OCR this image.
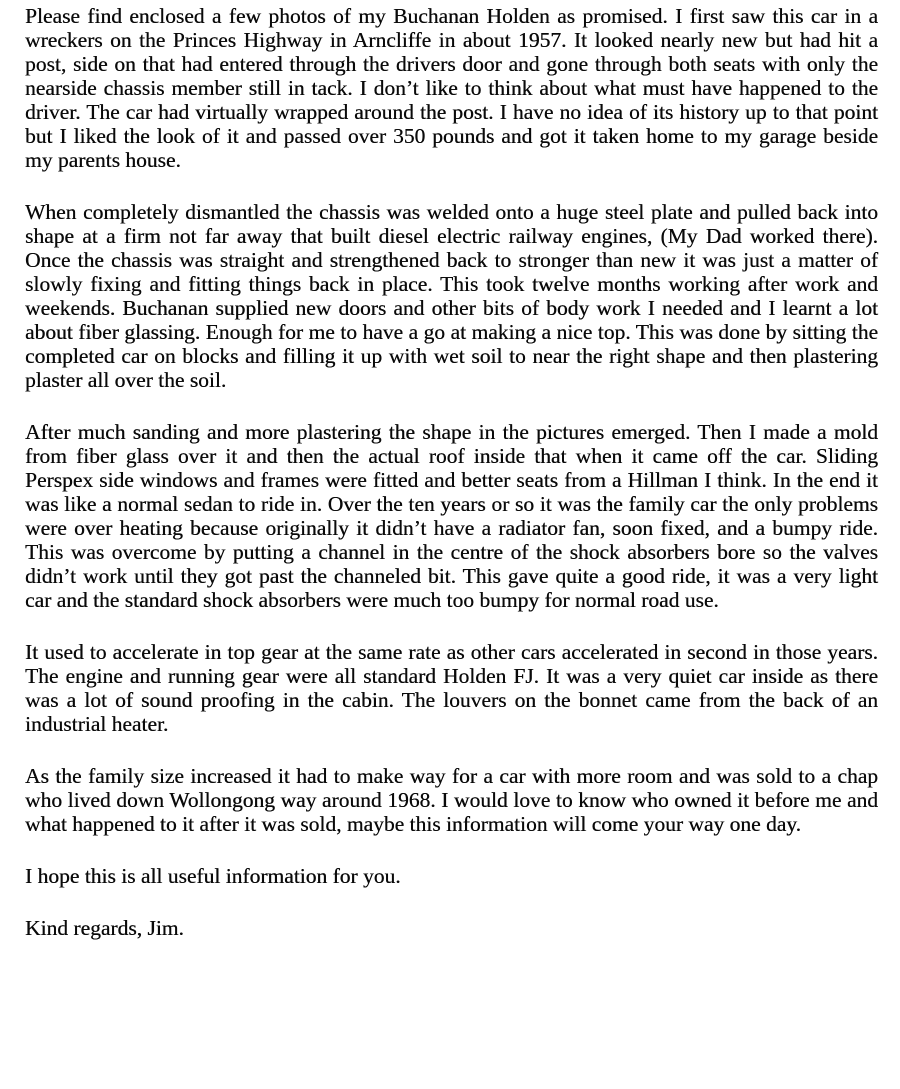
Please find enclosed a few photos of my Buchanan Holden as promised. I first saw this car in a wreckers on the Princes Highway in Arncliffe in about 1957. It looked nearly new but had hit a post, side on that had entered through the drivers door and gone through both seats with only the nearside chassis member still in tack. I don’t like to think about what must have happened to the driver. The car had virtually wrapped around the post. I have no idea of its history up to that point but I liked the look of it and passed over 350 pounds and got it taken home to my garage beside my parents house.

When completely dismantled the chassis was welded onto a huge steel plate and pulled back into shape at a firm not far away that built diesel electric railway engines, (My Dad worked there). Once the chassis was straight and strengthened back to stronger than new it was just a matter of slowly fixing and fitting things back in place. This took twelve months working after work and weekends. Buchanan supplied new doors and other bits of body work I needed and I learnt a lot about fiber glassing. Enough for me to have a go at making a nice top. This was done by sitting the completed car on blocks and filling it up with wet soil to near the right shape and then plastering plaster all over the soil.

After much sanding and more plastering the shape in the pictures emerged. Then I made a mold from fiber glass over it and then the actual roof inside that when it came off the car. Sliding Perspex side windows and frames were fitted and better seats from a Hillman I think. In the end it was like a normal sedan to ride in. Over the ten years or so it was the family car the only problems were over heating because originally it didn’t have a radiator fan, soon fixed, and a bumpy ride. This was overcome by putting a channel in the centre of the shock absorbers bore so the valves didn’t work until they got past the channeled bit. This gave quite a good ride, it was a very light car and the standard shock absorbers were much too bumpy for normal road use.

It used to accelerate in top gear at the same rate as other cars accelerated in second in those years. The engine and running gear were all standard Holden FJ. It was a very quiet car inside as there was a lot of sound proofing in the cabin. The louvers on the bonnet came from the back of an industrial heater.

As the family size increased it had to make way for a car with more room and was sold to a chap who lived down Wollongong way around 1968. I would love to know who owned it before me and what happened to it after it was sold, maybe this information will come your way one day.

I hope this is all useful information for you.

Kind regards, Jim.
